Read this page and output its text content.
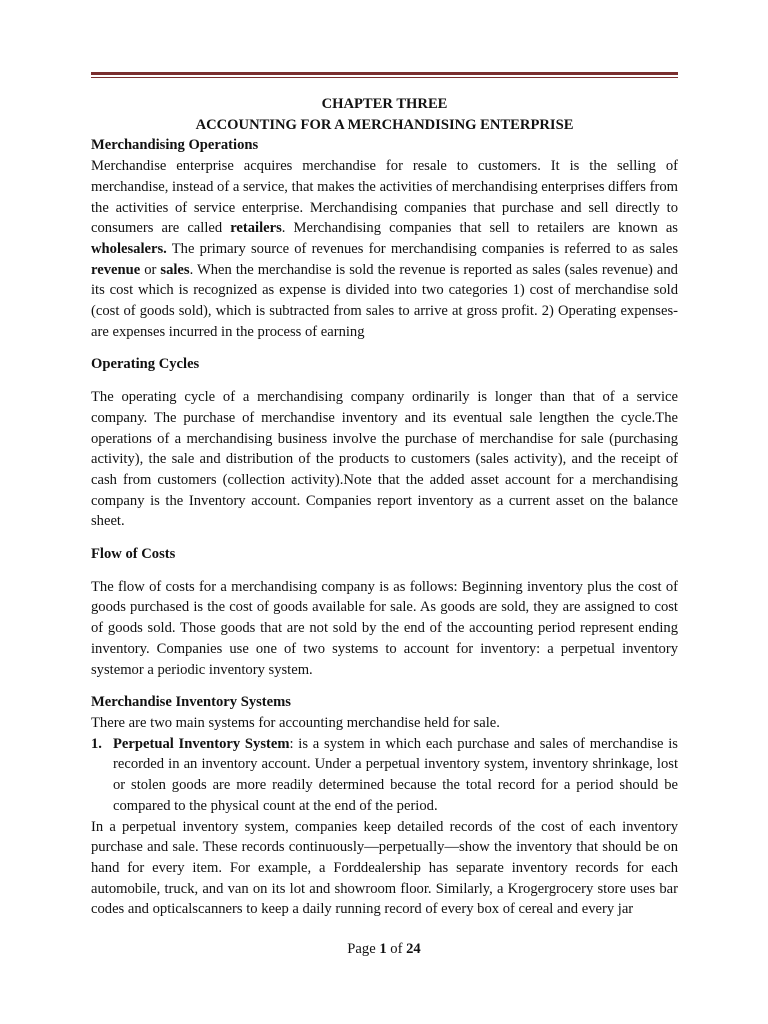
CHAPTER THREE
ACCOUNTING FOR A MERCHANDISING ENTERPRISE
Merchandising Operations
Merchandise enterprise acquires merchandise for resale to customers. It is the selling of merchandise, instead of a service, that makes the activities of merchandising enterprises differs from the activities of service enterprise. Merchandising companies that purchase and sell directly to consumers are called retailers. Merchandising companies that sell to retailers are known as wholesalers. The primary source of revenues for merchandising companies is referred to as sales revenue or sales. When the merchandise is sold the revenue is reported as sales (sales revenue) and its cost which is recognized as expense is divided into two categories 1) cost of merchandise sold (cost of goods sold), which is subtracted from sales to arrive at gross profit. 2) Operating expenses- are expenses incurred in the process of earning
Operating Cycles
The operating cycle of a merchandising company ordinarily is longer than that of a service company. The purchase of merchandise inventory and its eventual sale lengthen the cycle.The operations of a merchandising business involve the purchase of merchandise for sale (purchasing activity), the sale and distribution of the products to customers (sales activity), and the receipt of cash from customers (collection activity).Note that the added asset account for a merchandising company is the Inventory account. Companies report inventory as a current asset on the balance sheet.
Flow of Costs
The flow of costs for a merchandising company is as follows: Beginning inventory plus the cost of goods purchased is the cost of goods available for sale. As goods are sold, they are assigned to cost of goods sold. Those goods that are not sold by the end of the accounting period represent ending inventory. Companies use one of two systems to account for inventory: a perpetual inventory systemor a periodic inventory system.
Merchandise Inventory Systems
There are two main systems for accounting merchandise held for sale.
1. Perpetual Inventory System: is a system in which each purchase and sales of merchandise is recorded in an inventory account. Under a perpetual inventory system, inventory shrinkage, lost or stolen goods are more readily determined because the total record for a period should be compared to the physical count at the end of the period.
In a perpetual inventory system, companies keep detailed records of the cost of each inventory purchase and sale. These records continuously—perpetually—show the inventory that should be on hand for every item. For example, a Forddealership has separate inventory records for each automobile, truck, and van on its lot and showroom floor. Similarly, a Krogergrocery store uses bar codes and opticalscanners to keep a daily running record of every box of cereal and every jar
Page 1 of 24
